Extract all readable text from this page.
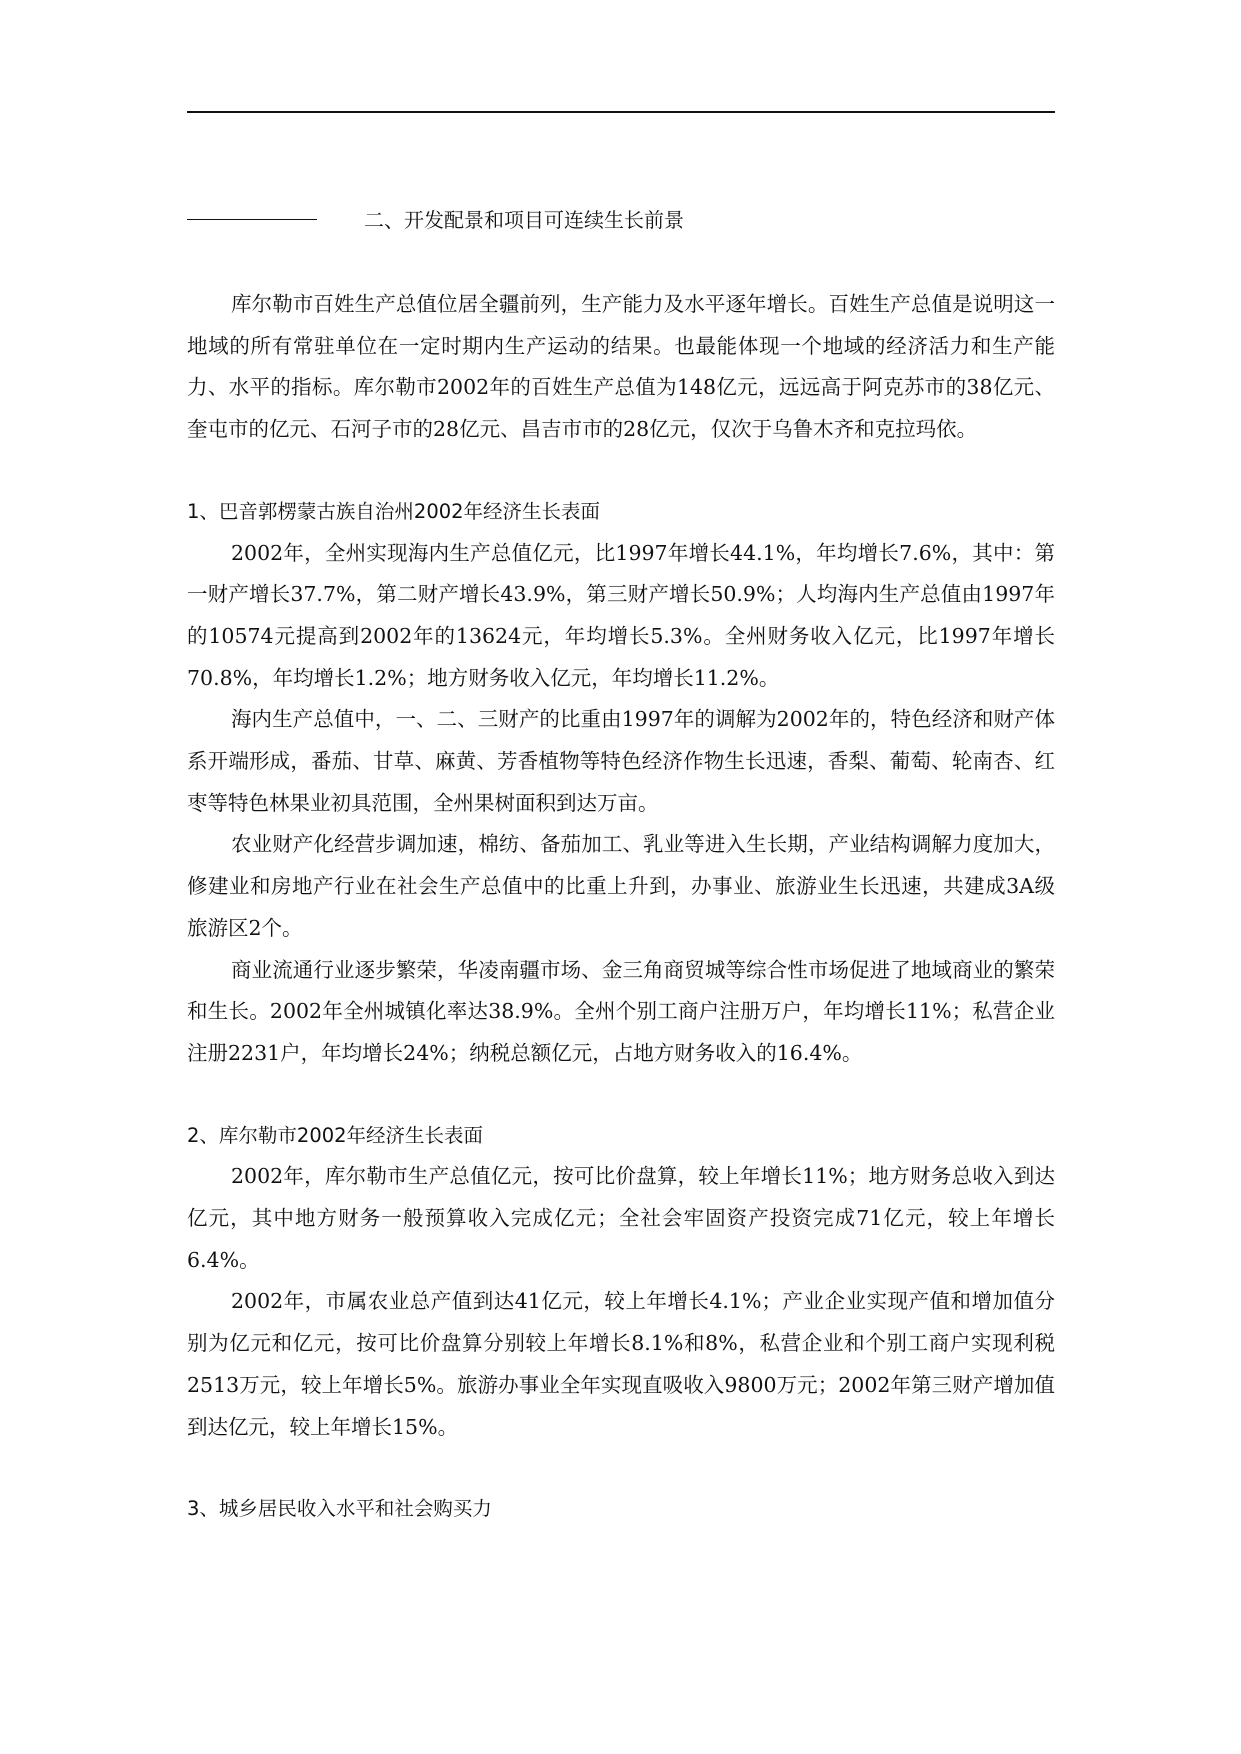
二、开发配景和项目可连续生长前景

库尔勒市百姓生产总值位居全疆前列，生产能力及水平逐年增长。百姓生产总值是说明这一地域的所有常驻单位在一定时期内生产运动的结果。也最能体现一个地域的经济活力和生产能力、水平的指标。库尔勒市2002年的百姓生产总值为148亿元，远远高于阿克苏市的38亿元、奎屯市的亿元、石河子市的28亿元、昌吉市市的28亿元，仅次于乌鲁木齐和克拉玛依。

1、巴音郭楞蒙古族自治州2002年经济生长表面

2002年，全州实现海内生产总值亿元，比1997年增长44.1%，年均增长7.6%，其中：第一财产增长37.7%，第二财产增长43.9%，第三财产增长50.9%；人均海内生产总值由1997年的10574元提高到2002年的13624元，年均增长5.3%。全州财务收入亿元，比1997年增长70.8%，年均增长1.2%；地方财务收入亿元，年均增长11.2%。

海内生产总值中，一、二、三财产的比重由1997年的调解为2002年的，特色经济和财产体系开端形成，番茄、甘草、麻黄、芳香植物等特色经济作物生长迅速，香梨、葡萄、轮南杏、红枣等特色林果业初具范围，全州果树面积到达万亩。

农业财产化经营步调加速，棉纺、备茄加工、乳业等进入生长期，产业结构调解力度加大，修建业和房地产行业在社会生产总值中的比重上升到，办事业、旅游业生长迅速，共建成3A级旅游区2个。

商业流通行业逐步繁荣，华凌南疆市场、金三角商贸城等综合性市场促进了地域商业的繁荣和生长。2002年全州城镇化率达38.9%。全州个别工商户注册万户，年均增长11%；私营企业注册2231户，年均增长24%；纳税总额亿元，占地方财务收入的16.4%。

2、库尔勒市2002年经济生长表面

2002年，库尔勒市生产总值亿元，按可比价盘算，较上年增长11%；地方财务总收入到达亿元，其中地方财务一般预算收入完成亿元；全社会牢固资产投资完成71亿元，较上年增长6.4%。

2002年，市属农业总产值到达41亿元，较上年增长4.1%；产业企业实现产值和增加值分别为亿元和亿元，按可比价盘算分别较上年增长8.1%和8%，私营企业和个别工商户实现利税2513万元，较上年增长5%。旅游办事业全年实现直吸收入9800万元；2002年第三财产增加值到达亿元，较上年增长15%。

3、城乡居民收入水平和社会购买力
